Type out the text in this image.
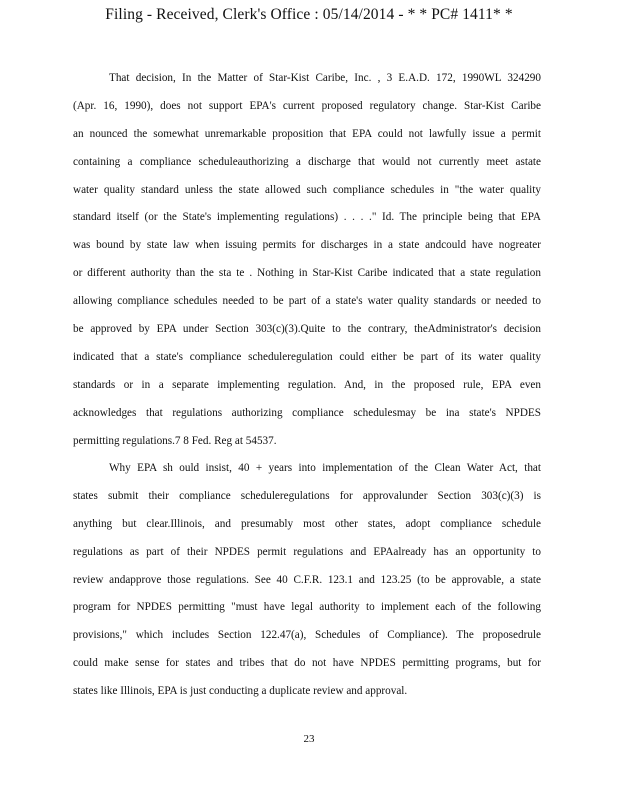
Filing - Received, Clerk's Office : 05/14/2014 - * * PC# 1411* *
That decision, In the Matter of Star-Kist Caribe, Inc. , 3 E.A.D. 172, 1990WL 324290
(Apr. 16, 1990), does not support EPA's current proposed regulatory change. Star-Kist Caribe
an nounced the somewhat unremarkable proposition that EPA could not lawfully issue a permit
containing a compliance scheduleauthorizing a discharge that would not currently meet astate
water quality standard unless the state allowed such compliance schedules in "the water quality
standard itself (or the State's implementing regulations) . . . ." Id. The principle being that EPA
was bound by state law when issuing permits for discharges in a state andcould have nogreater
or different authority than the sta te . Nothing in Star-Kist Caribe indicated that a state regulation
allowing compliance schedules needed to be part of a state's water quality standards or needed to
be approved by EPA under Section 303(c)(3).Quite to the contrary, theAdministrator's decision
indicated that a state's compliance scheduleregulation could either be part of its water quality
standards or in a separate implementing regulation. And, in the proposed rule, EPA even
acknowledges that regulations authorizing compliance schedulesmay be ina state's NPDES
permitting regulations.7 8 Fed. Reg at 54537.
Why EPA sh ould insist, 40 + years into implementation of the Clean Water Act, that
states submit their compliance scheduleregulations for approvalunder Section 303(c)(3) is
anything but clear.Illinois, and presumably most other states, adopt compliance schedule
regulations as part of their NPDES permit regulations and EPAalready has an opportunity to
review andapprove those regulations. See 40 C.F.R. 123.1 and 123.25 (to be approvable, a state
program for NPDES permitting "must have legal authority to implement each of the following
provisions," which includes Section 122.47(a), Schedules of Compliance). The proposedrule
could make sense for states and tribes that do not have NPDES permitting programs, but for
states like Illinois, EPA is just conducting a duplicate review and approval.
23
